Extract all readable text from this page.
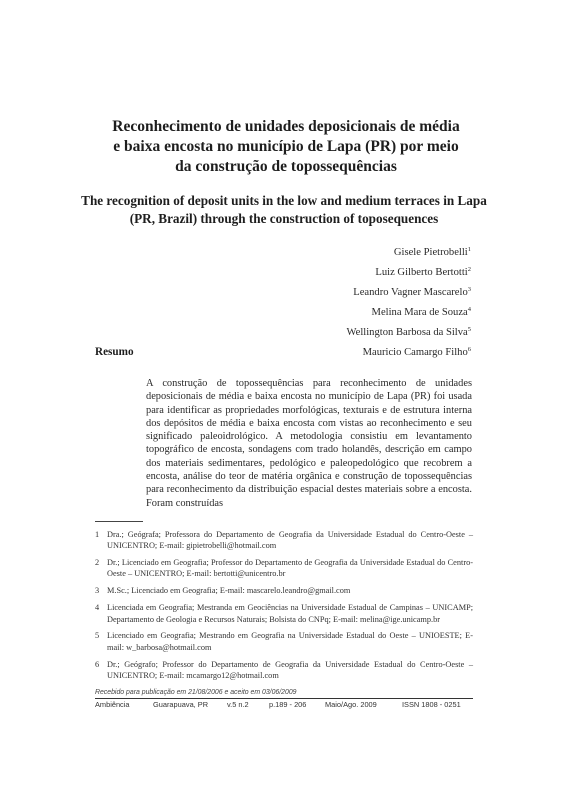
Reconhecimento de unidades deposicionais de média e baixa encosta no município de Lapa (PR) por meio da construção de topossequências
The recognition of deposit units in the low and medium terraces in Lapa (PR, Brazil) through the construction of toposequences
Gisele Pietrobelli$^1$
Luiz Gilberto Bertotti$^2$
Leandro Vagner Mascarelo$^3$
Melina Mara de Souza$^4$
Wellington Barbosa da Silva$^5$
Mauricio Camargo Filho$^6$
Resumo
A construção de topossequências para reconhecimento de unidades deposicionais de média e baixa encosta no município de Lapa (PR) foi usada para identificar as propriedades morfológicas, texturais e de estrutura interna dos depósitos de média e baixa encosta com vistas ao reconhecimento e seu significado paleoidrológico. A metodologia consistiu em levantamento topográfico de encosta, sondagens com trado holandês, descrição em campo dos materiais sedimentares, pedológico e paleopedológico que recobrem a encosta, análise do teor de matéria orgânica e construção de topossequências para reconhecimento da distribuição espacial destes materiais sobre a encosta. Foram construídas
1 Dra.; Geógrafa; Professora do Departamento de Geografia da Universidade Estadual do Centro-Oeste – UNICENTRO; E-mail: gipietrobelli@hotmail.com
2 Dr.; Licenciado em Geografia; Professor do Departamento de Geografia da Universidade Estadual do Centro-Oeste – UNICENTRO; E-mail: bertotti@unicentro.br
3 M.Sc.; Licenciado em Geografia; E-mail: mascarelo.leandro@gmail.com
4 Licenciada em Geografia; Mestranda em Geociências na Universidade Estadual de Campinas – UNICAMP; Departamento de Geologia e Recursos Naturais; Bolsista do CNPq; E-mail: melina@ige.unicamp.br
5 Licenciado em Geografia; Mestrando em Geografia na Universidade Estadual do Oeste – UNIOESTE; E-mail: w_barbosa@hotmail.com
6 Dr.; Geógrafo; Professor do Departamento de Geografia da Universidade Estadual do Centro-Oeste – UNICENTRO; E-mail: mcamargo12@hotmail.com
Recebido para publicação em 21/08/2006 e aceito em 03/06/2009
Ambiência	Guarapuava, PR	v.5 n.2	p.189 - 206	Maio/Ago. 2009	ISSN 1808 - 0251
